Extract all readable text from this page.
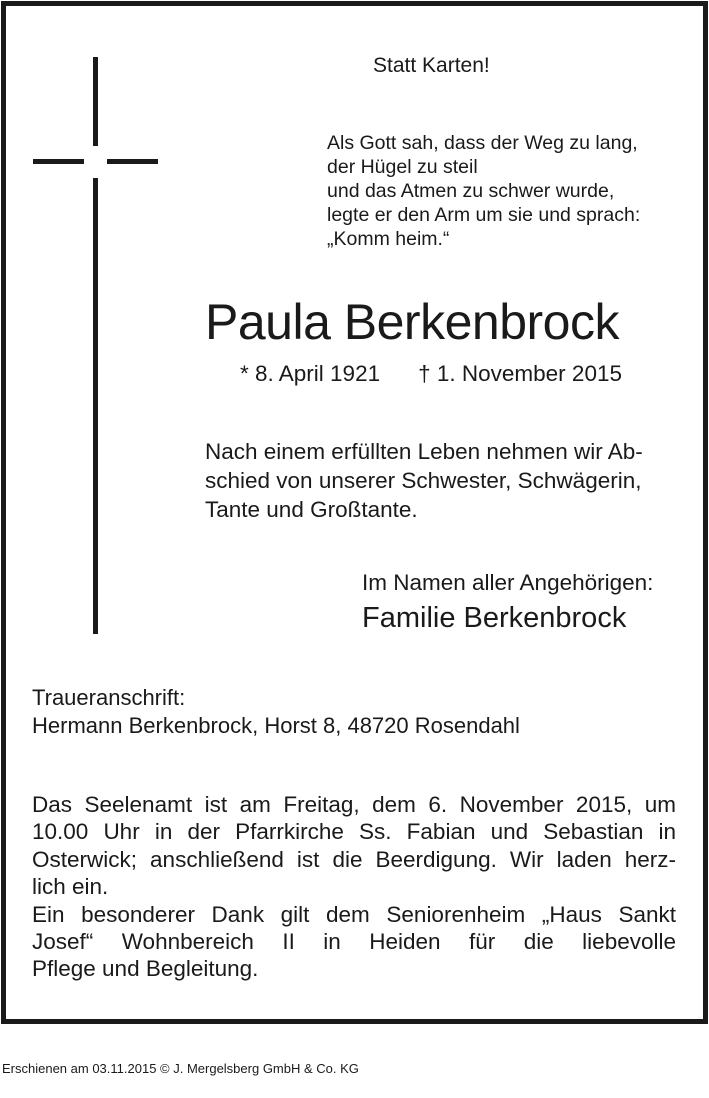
Statt Karten!
Als Gott sah, dass der Weg zu lang,
der Hügel zu steil
und das Atmen zu schwer wurde,
legte er den Arm um sie und sprach:
„Komm heim.“
Paula Berkenbrock
* 8. April 1921 † 1. November 2015
Nach einem erfüllten Leben nehmen wir Ab-
schied von unserer Schwester, Schwägerin,
Tante und Großtante.
Im Namen aller Angehörigen:
Familie Berkenbrock
Traueranschrift:
Hermann Berkenbrock, Horst 8, 48720 Rosendahl
Das Seelenamt ist am Freitag, dem 6. November 2015, um
10.00 Uhr in der Pfarrkirche Ss. Fabian und Sebastian in
Osterwick; anschließend ist die Beerdigung. Wir laden herz-
lich ein.
Ein besonderer Dank gilt dem Seniorenheim „Haus Sankt
Josef“ Wohnbereich II in Heiden für die liebevolle
Pflege und Begleitung.
Erschienen am 03.11.2015 © J. Mergelsberg GmbH & Co. KG
